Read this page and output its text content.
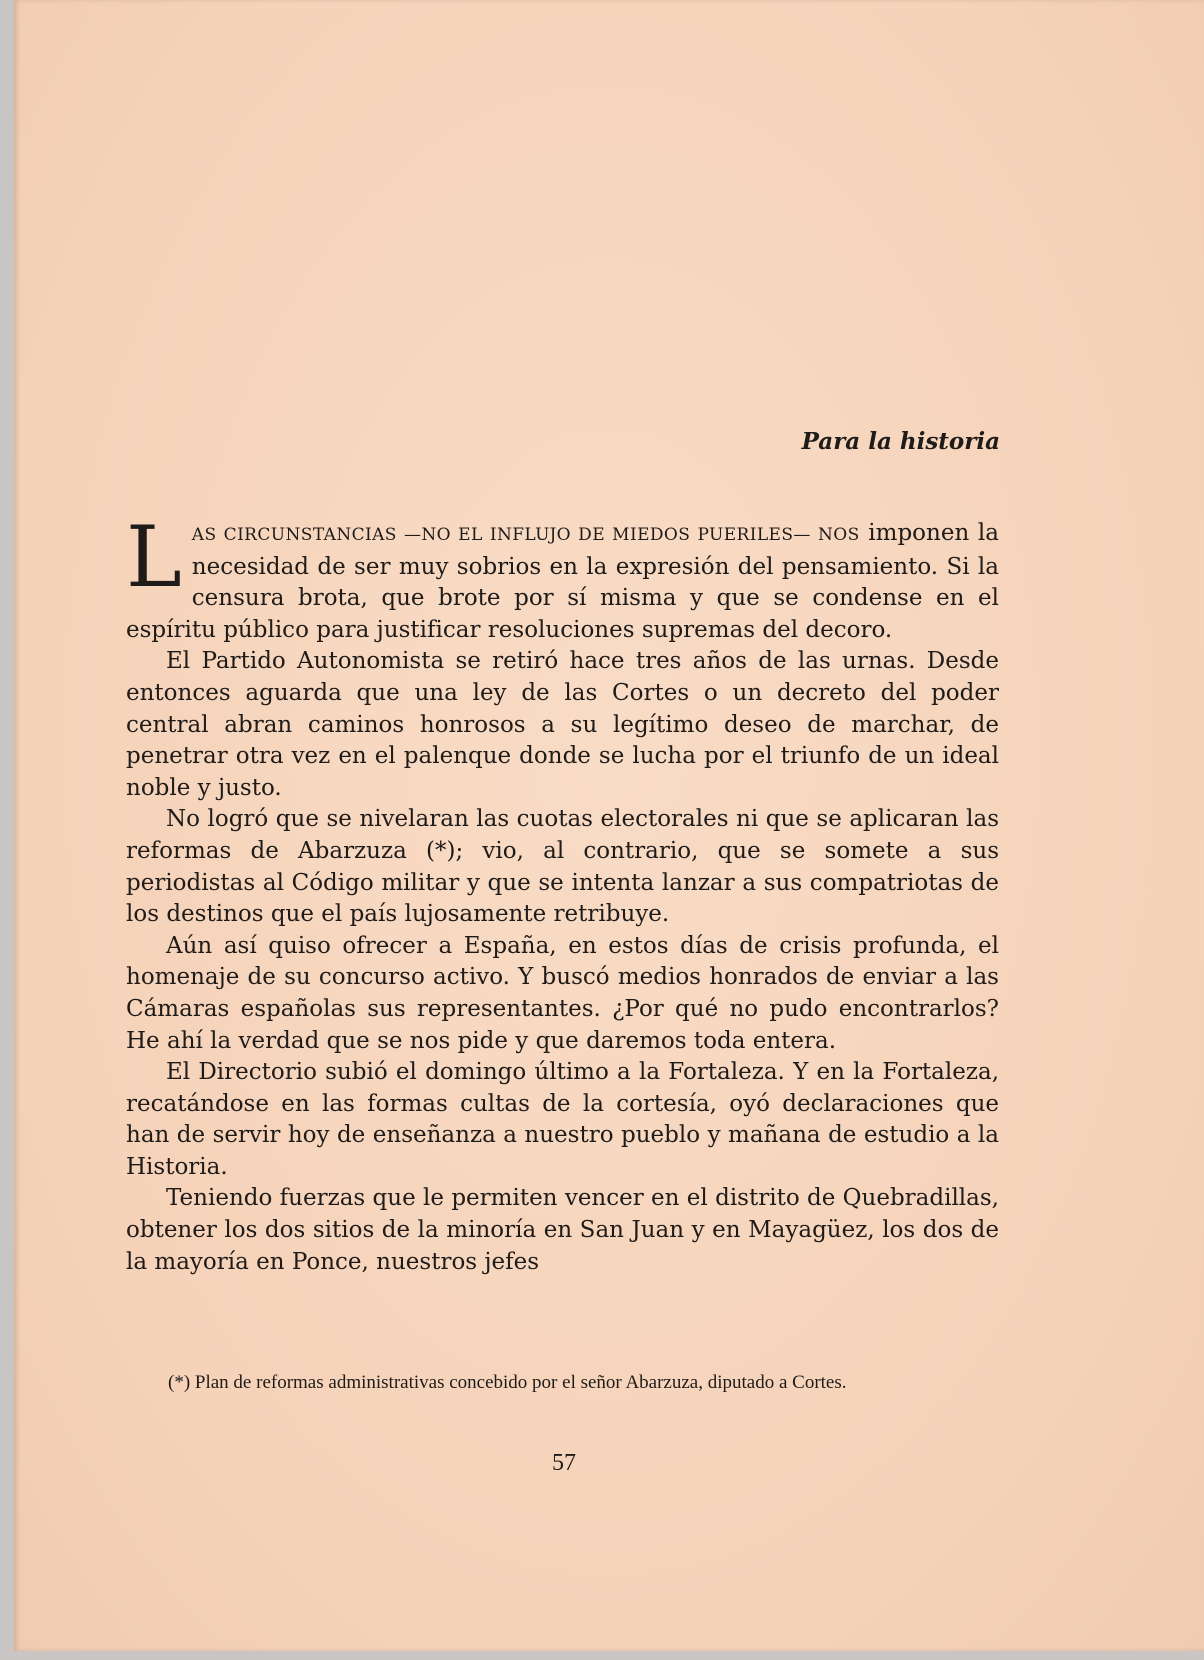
Para la historia

LAS CIRCUNSTANCIAS —NO EL INFLUJO DE MIEDOS PUERILES— NOS imponen la necesidad de ser muy sobrios en la expresión del pensamiento. Si la censura brota, que brote por sí misma y que se condense en el espíritu público para justificar resoluciones supremas del decoro.

El Partido Autonomista se retiró hace tres años de las urnas. Desde entonces aguarda que una ley de las Cortes o un decreto del poder central abran caminos honrosos a su legítimo deseo de marchar, de penetrar otra vez en el palenque donde se lucha por el triunfo de un ideal noble y justo.

No logró que se nivelaran las cuotas electorales ni que se aplicaran las reformas de Abarzuza (*); vio, al contrario, que se somete a sus periodistas al Código militar y que se intenta lanzar a sus compatriotas de los destinos que el país lujosamente retribuye.

Aún así quiso ofrecer a España, en estos días de crisis profunda, el homenaje de su concurso activo. Y buscó medios honrados de enviar a las Cámaras españolas sus representantes. ¿Por qué no pudo encontrarlos? He ahí la verdad que se nos pide y que daremos toda entera.

El Directorio subió el domingo último a la Fortaleza. Y en la Fortaleza, recatándose en las formas cultas de la cortesía, oyó declaraciones que han de servir hoy de enseñanza a nuestro pueblo y mañana de estudio a la Historia.

Teniendo fuerzas que le permiten vencer en el distrito de Quebradillas, obtener los dos sitios de la minoría en San Juan y en Mayagüez, los dos de la mayoría en Ponce, nuestros jefes

(*) Plan de reformas administrativas concebido por el señor Abarzuza, diputado a Cortes.

57
